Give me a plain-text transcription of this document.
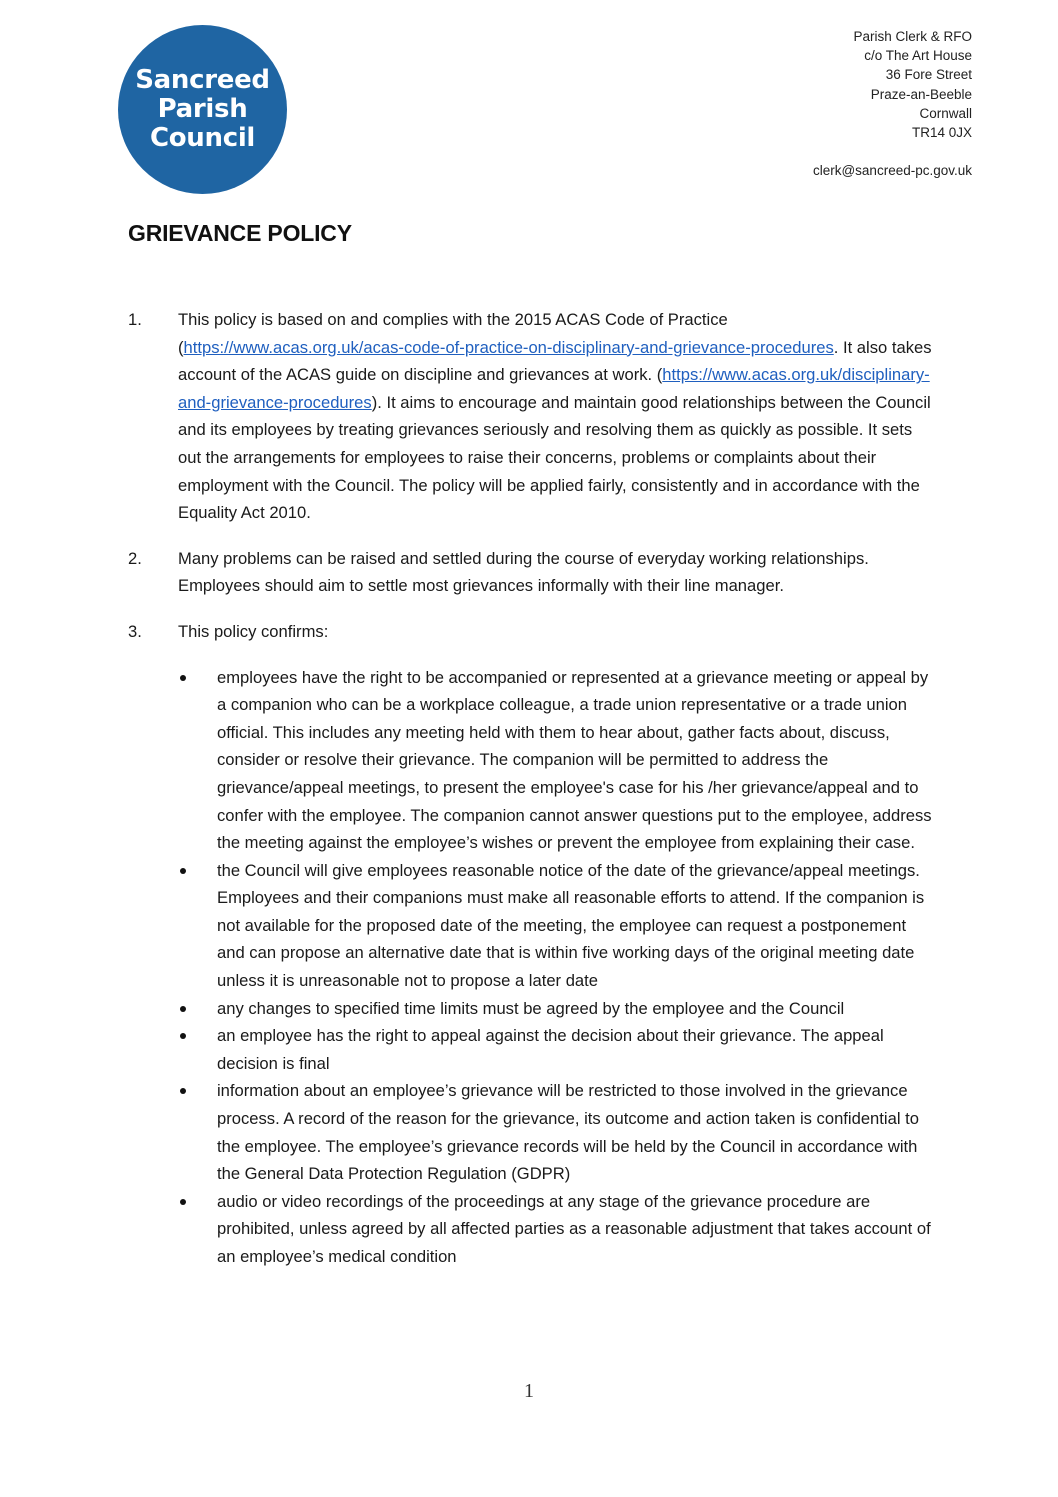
Sancreed
Parish
Council
Parish Clerk & RFO
c/o The Art House
36 Fore Street
Praze-an-Beeble
Cornwall
TR14 0JX
clerk@sancreed-pc.gov.uk
GRIEVANCE POLICY

1. This policy is based on and complies with the 2015 ACAS Code of Practice (https://www.acas.org.uk/acas-code-of-practice-on-disciplinary-and-grievance-procedures. It also takes account of the ACAS guide on discipline and grievances at work. (https://www.acas.org.uk/disciplinary-and-grievance-procedures). It aims to encourage and maintain good relationships between the Council and its employees by treating grievances seriously and resolving them as quickly as possible. It sets out the arrangements for employees to raise their concerns, problems or complaints about their employment with the Council. The policy will be applied fairly, consistently and in accordance with the Equality Act 2010.

2. Many problems can be raised and settled during the course of everyday working relationships. Employees should aim to settle most grievances informally with their line manager.

3. This policy confirms:

employees have the right to be accompanied or represented at a grievance meeting or appeal by a companion who can be a workplace colleague, a trade union representative or a trade union official. This includes any meeting held with them to hear about, gather facts about, discuss, consider or resolve their grievance. The companion will be permitted to address the grievance/appeal meetings, to present the employee's case for his /her grievance/appeal and to confer with the employee. The companion cannot answer questions put to the employee, address the meeting against the employee’s wishes or prevent the employee from explaining their case.
the Council will give employees reasonable notice of the date of the grievance/appeal meetings. Employees and their companions must make all reasonable efforts to attend. If the companion is not available for the proposed date of the meeting, the employee can request a postponement and can propose an alternative date that is within five working days of the original meeting date unless it is unreasonable not to propose a later date
any changes to specified time limits must be agreed by the employee and the Council
an employee has the right to appeal against the decision about their grievance. The appeal decision is final
information about an employee’s grievance will be restricted to those involved in the grievance process. A record of the reason for the grievance, its outcome and action taken is confidential to the employee. The employee’s grievance records will be held by the Council in accordance with the General Data Protection Regulation (GDPR)
audio or video recordings of the proceedings at any stage of the grievance procedure are prohibited, unless agreed by all affected parties as a reasonable adjustment that takes account of an employee’s medical condition
1
